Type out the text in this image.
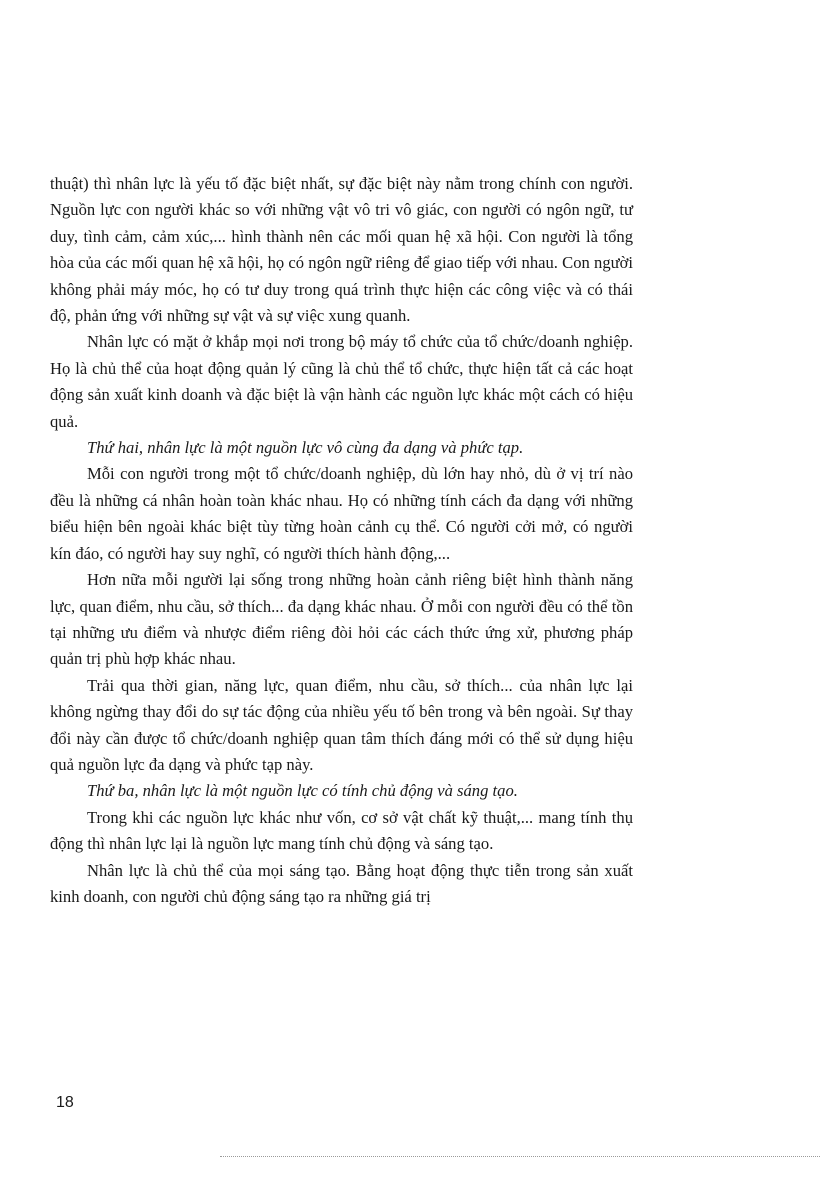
thuật) thì nhân lực là yếu tố đặc biệt nhất, sự đặc biệt này nằm trong chính con người. Nguồn lực con người khác so với những vật vô tri vô giác, con người có ngôn ngữ, tư duy, tình cảm, cảm xúc,... hình thành nên các mối quan hệ xã hội. Con người là tổng hòa của các mối quan hệ xã hội, họ có ngôn ngữ riêng để giao tiếp với nhau. Con người không phải máy móc, họ có tư duy trong quá trình thực hiện các công việc và có thái độ, phản ứng với những sự vật và sự việc xung quanh.

Nhân lực có mặt ở khắp mọi nơi trong bộ máy tổ chức của tổ chức/doanh nghiệp. Họ là chủ thể của hoạt động quản lý cũng là chủ thể tổ chức, thực hiện tất cả các hoạt động sản xuất kinh doanh và đặc biệt là vận hành các nguồn lực khác một cách có hiệu quả.

Thứ hai, nhân lực là một nguồn lực vô cùng đa dạng và phức tạp.

Mỗi con người trong một tổ chức/doanh nghiệp, dù lớn hay nhỏ, dù ở vị trí nào đều là những cá nhân hoàn toàn khác nhau. Họ có những tính cách đa dạng với những biểu hiện bên ngoài khác biệt tùy từng hoàn cảnh cụ thể. Có người cởi mở, có người kín đáo, có người hay suy nghĩ, có người thích hành động,...

Hơn nữa mỗi người lại sống trong những hoàn cảnh riêng biệt hình thành năng lực, quan điểm, nhu cầu, sở thích... đa dạng khác nhau. Ở mỗi con người đều có thể tồn tại những ưu điểm và nhược điểm riêng đòi hỏi các cách thức ứng xử, phương pháp quản trị phù hợp khác nhau.

Trải qua thời gian, năng lực, quan điểm, nhu cầu, sở thích... của nhân lực lại không ngừng thay đổi do sự tác động của nhiều yếu tố bên trong và bên ngoài. Sự thay đổi này cần được tổ chức/doanh nghiệp quan tâm thích đáng mới có thể sử dụng hiệu quả nguồn lực đa dạng và phức tạp này.

Thứ ba, nhân lực là một nguồn lực có tính chủ động và sáng tạo.

Trong khi các nguồn lực khác như vốn, cơ sở vật chất kỹ thuật,... mang tính thụ động thì nhân lực lại là nguồn lực mang tính chủ động và sáng tạo.

Nhân lực là chủ thể của mọi sáng tạo. Bằng hoạt động thực tiễn trong sản xuất kinh doanh, con người chủ động sáng tạo ra những giá trị

18
